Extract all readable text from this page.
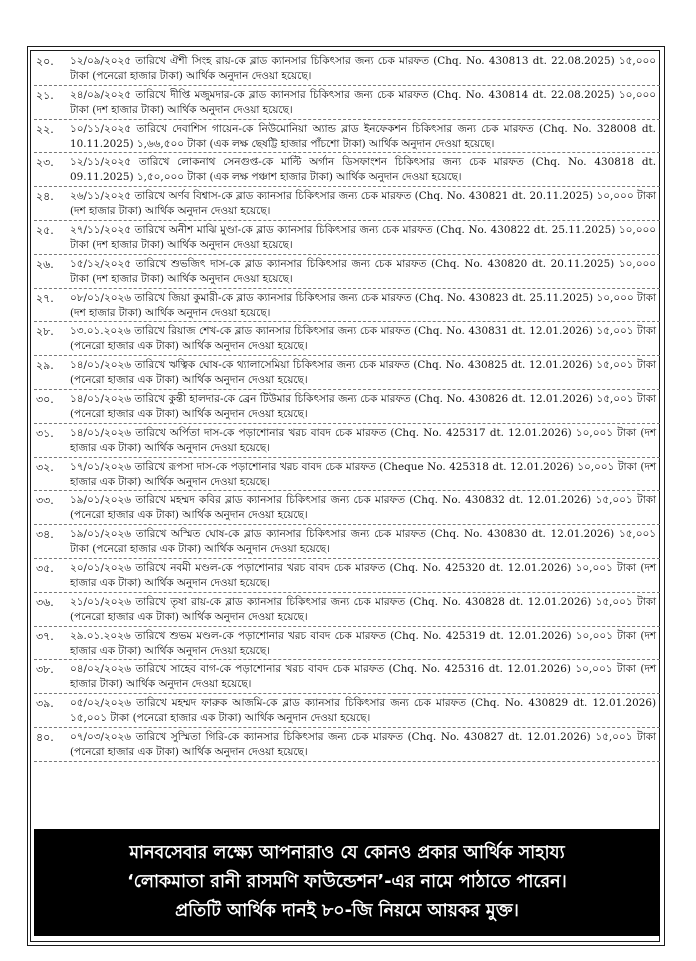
২০.	১২/০৯/২০২৫ তারিখে ঐশী সিংহ রায়-কে ব্লাড ক্যানসার চিকিৎসার জন্য চেক মারফত (Chq. No. 430813 dt. 22.08.2025) ১৫,০০০ টাকা (পনেরো হাজার টাকা) আর্থিক অনুদান দেওয়া হয়েছে।
২১.	২৪/০৯/২০২৫ তারিখে দীপ্তি মজুমদার-কে ব্লাড ক্যানসার চিকিৎসার জন্য চেক মারফত (Chq. No. 430814 dt. 22.08.2025) ১০,০০০ টাকা (দশ হাজার টাকা) আর্থিক অনুদান দেওয়া হয়েছে।
২২.	১০/১১/২০২৫ তারিখে দেবাশিস গায়েন-কে নিউমোনিয়া অ্যান্ড ব্লাড ইনফেকশন চিকিৎসার জন্য চেক মারফত (Chq. No. 328008 dt. 10.11.2025) ১,৬৬,৫০০ টাকা (এক লক্ষ ছেষট্টি হাজার পাঁচশো টাকা) আর্থিক অনুদান দেওয়া হয়েছে।
২৩.	১২/১১/২০২৫ তারিখে লোকনাথ সেনগুপ্ত-কে মাল্টি অর্গান ডিসফাংশন চিকিৎসার জন্য চেক মারফত (Chq. No. 430818 dt. 09.11.2025) ১,৫০,০০০ টাকা (এক লক্ষ পঞ্চাশ হাজার টাকা) আর্থিক অনুদান দেওয়া হয়েছে।
২৪.	২৬/১১/২০২৫ তারিখে অর্ণব বিশ্বাস-কে ব্লাড ক্যানসার চিকিৎসার জন্য চেক মারফত (Chq. No. 430821 dt. 20.11.2025) ১০,০০০ টাকা (দশ হাজার টাকা) আর্থিক অনুদান দেওয়া হয়েছে।
২৫.	২৭/১১/২০২৫ তারিখে অনীশ মাঝি মুণ্ডা-কে ব্লাড ক্যানসার চিকিৎসার জন্য চেক মারফত (Chq. No. 430822 dt. 25.11.2025) ১০,০০০ টাকা (দশ হাজার টাকা) আর্থিক অনুদান দেওয়া হয়েছে।
২৬.	১৫/১২/২০২৫ তারিখে শুভজিৎ দাস-কে ব্লাড ক্যানসার চিকিৎসার জন্য চেক মারফত (Chq. No. 430820 dt. 20.11.2025) ১০,০০০ টাকা (দশ হাজার টাকা) আর্থিক অনুদান দেওয়া হয়েছে।
২৭.	০৮/০১/২০২৬ তারিখে জিয়া কুমারী-কে ব্লাড ক্যানসার চিকিৎসার জন্য চেক মারফত (Chq. No. 430823 dt. 25.11.2025) ১০,০০০ টাকা (দশ হাজার টাকা) আর্থিক অনুদান দেওয়া হয়েছে।
২৮.	১৩.০১.২০২৬ তারিখে রিয়াজ শেখ-কে ব্লাড ক্যানসার চিকিৎসার জন্য চেক মারফত (Chq. No. 430831 dt. 12.01.2026) ১৫,০০১ টাকা (পনেরো হাজার এক টাকা) আর্থিক অনুদান দেওয়া হয়েছে।
২৯.	১৪/০১/২০২৬ তারিখে ঋত্বিক ঘোষ-কে থ্যালাসেমিয়া চিকিৎসার জন্য চেক মারফত (Chq. No. 430825 dt. 12.01.2026) ১৫,০০১ টাকা (পনেরো হাজার এক টাকা) আর্থিক অনুদান দেওয়া হয়েছে।
৩০.	১৪/০১/২০২৬ তারিখে কুন্তী হালদার-কে ব্রেন টিউমার চিকিৎসার জন্য চেক মারফত (Chq. No. 430826 dt. 12.01.2026) ১৫,০০১ টাকা (পনেরো হাজার এক টাকা) আর্থিক অনুদান দেওয়া হয়েছে।
৩১.	১৪/০১/২০২৬ তারিখে অর্পিতা দাস-কে পড়াশোনার খরচ বাবদ চেক মারফত (Chq. No. 425317 dt. 12.01.2026) ১০,০০১ টাকা (দশ হাজার এক টাকা) আর্থিক অনুদান দেওয়া হয়েছে।
৩২.	১৭/০১/২০২৬ তারিখে রূপসা দাস-কে পড়াশোনার খরচ বাবদ চেক মারফত (Cheque No. 425318 dt. 12.01.2026) ১০,০০১ টাকা (দশ হাজার এক টাকা) আর্থিক অনুদান দেওয়া হয়েছে।
৩৩.	১৯/০১/২০২৬ তারিখে মহম্মদ কবির ব্লাড ক্যানসার চিকিৎসার জন্য চেক মারফত (Chq. No. 430832 dt. 12.01.2026) ১৫,০০১ টাকা (পনেরো হাজার এক টাকা) আর্থিক অনুদান দেওয়া হয়েছে।
৩৪.	১৯/০১/২০২৬ তারিখে অস্মিত ঘোষ-কে ব্লাড ক্যানসার চিকিৎসার জন্য চেক মারফত (Chq. No. 430830 dt. 12.01.2026) ১৫,০০১ টাকা (পনেরো হাজার এক টাকা) আর্থিক অনুদান দেওয়া হয়েছে।
৩৫.	২০/০১/২০২৬ তারিখে নবমী মণ্ডল-কে পড়াশোনার খরচ বাবদ চেক মারফত (Chq. No. 425320 dt. 12.01.2026) ১০,০০১ টাকা (দশ হাজার এক টাকা) আর্থিক অনুদান দেওয়া হয়েছে।
৩৬.	২১/০১/২০২৬ তারিখে তৃষা রায়-কে ব্লাড ক্যানসার চিকিৎসার জন্য চেক মারফত (Chq. No. 430828 dt. 12.01.2026) ১৫,০০১ টাকা (পনেরো হাজার এক টাকা) আর্থিক অনুদান দেওয়া হয়েছে।
৩৭.	২৯.০১.২০২৬ তারিখে শুভম মণ্ডল-কে পড়াশোনার খরচ বাবদ চেক মারফত (Chq. No. 425319 dt. 12.01.2026) ১০,০০১ টাকা (দশ হাজার এক টাকা) আর্থিক অনুদান দেওয়া হয়েছে।
৩৮.	০৪/০২/২০২৬ তারিখে সাহেব বাগ-কে পড়াশোনার খরচ বাবদ চেক মারফত (Chq. No. 425316 dt. 12.01.2026) ১০,০০১ টাকা (দশ হাজার টাকা) আর্থিক অনুদান দেওয়া হয়েছে।
৩৯.	০৫/০২/২০২৬ তারিখে মহম্মদ ফারুক আজমি-কে ব্লাড ক্যানসার চিকিৎসার জন্য চেক মারফত (Chq. No. 430829 dt. 12.01.2026) ১৫,০০১ টাকা (পনেরো হাজার এক টাকা) আর্থিক অনুদান দেওয়া হয়েছে।
৪০.	০৭/০৩/২০২৬ তারিখে সুস্মিতা গিরি-কে ক্যানসার চিকিৎসার জন্য চেক মারফত (Chq. No. 430827 dt. 12.01.2026) ১৫,০০১ টাকা (পনেরো হাজার এক টাকা) আর্থিক অনুদান দেওয়া হয়েছে।
মানবসেবার লক্ষ্যে আপনারাও যে কোনও প্রকার আর্থিক সাহায্য
‘লোকমাতা রানী রাসমণি ফাউন্ডেশন’-এর নামে পাঠাতে পারেন।
প্রতিটি আর্থিক দানই ৮০-জি নিয়মে আয়কর মুক্ত।
